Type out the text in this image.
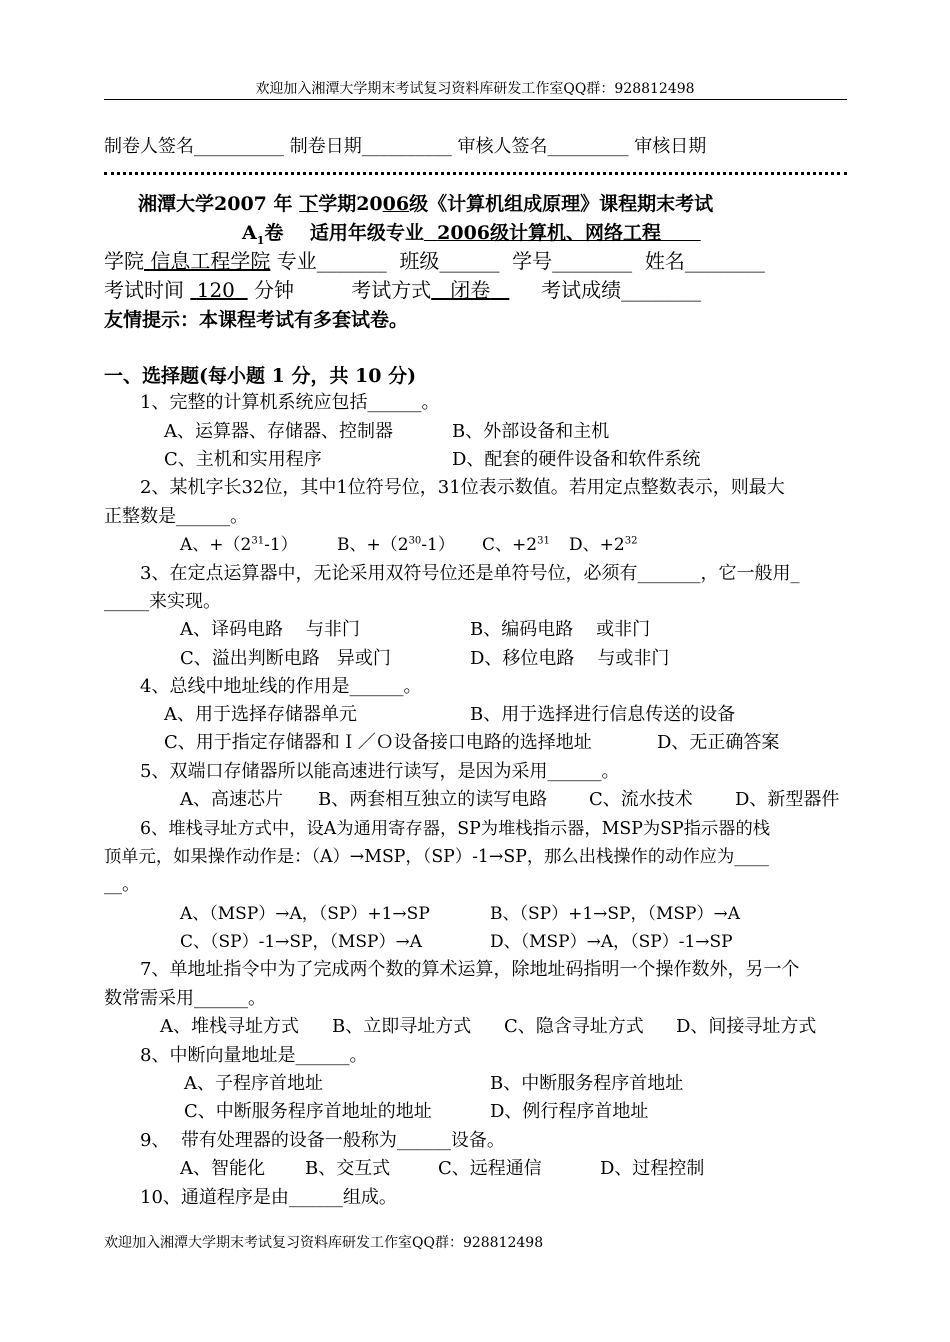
欢迎加入湘潭大学期末考试复习资料库研发工作室QQ群：928812498
制卷人签名__________ 制卷日期__________ 审核人签名_________ 审核日期
湘潭大学2007 年 下学期2006级《计算机组成原理》课程期末考试
$A_1$卷 适用年级专业 2006级计算机、网络工程
学院 信息工程学院 专业_______ 班级______ 学号________ 姓名________
考试时间 120 分钟	考试方式 闭卷	考试成绩________
友情提示：本课程考试有多套试卷。
一、选择题(每小题 1 分，共 10 分)
1、完整的计算机系统应包括______。
A、运算器、存储器、控制器	B、外部设备和主机
C、主机和实用程序	D、配套的硬件设备和软件系统
2、某机字长32位，其中1位符号位，31位表示数值。若用定点整数表示，则最大
正整数是______。
A、$+(2^{31}-1)$ B、$+(2^{30}-1)$ C、$+2^{31}$ D、$+2^{32}$
3、在定点运算器中，无论采用双符号位还是单符号位，必须有_______，它一般用_
_____来实现。
A、译码电路    与非门	B、编码电路    或非门
C、溢出判断电路   异或门	D、移位电路    与或非门
4、总线中地址线的作用是______。
A、用于选择存储器单元	B、用于选择进行信息传送的设备
C、用于指定存储器和Ｉ／Ｏ设备接口电路的选择地址	D、无正确答案
5、双端口存储器所以能高速进行读写，是因为采用______。
A、高速芯片 B、两套相互独立的读写电路 C、流水技术 D、新型器件
6、堆栈寻址方式中，设A为通用寄存器，SP为堆栈指示器，MSP为SP指示器的栈
顶单元，如果操作动作是：（A）→MSP，（SP）-1→SP，那么出栈操作的动作应为____
__。
A、（MSP）→A，（SP）+1→SP	B、（SP）+1→SP，（MSP）→A
C、（SP）-1→SP，（MSP）→A	D、（MSP）→A，（SP）-1→SP
7、单地址指令中为了完成两个数的算术运算，除地址码指明一个操作数外，另一个
数常需采用______。
A、堆栈寻址方式 B、立即寻址方式 C、隐含寻址方式 D、间接寻址方式
8、中断向量地址是______。
A、子程序首地址	B、中断服务程序首地址
C、中断服务程序首地址的地址	D、例行程序首地址
9、  带有处理器的设备一般称为______设备。
A、智能化 B、交互式	C、远程通信	D、过程控制
10、通道程序是由______组成。
欢迎加入湘潭大学期末考试复习资料库研发工作室QQ群：928812498
